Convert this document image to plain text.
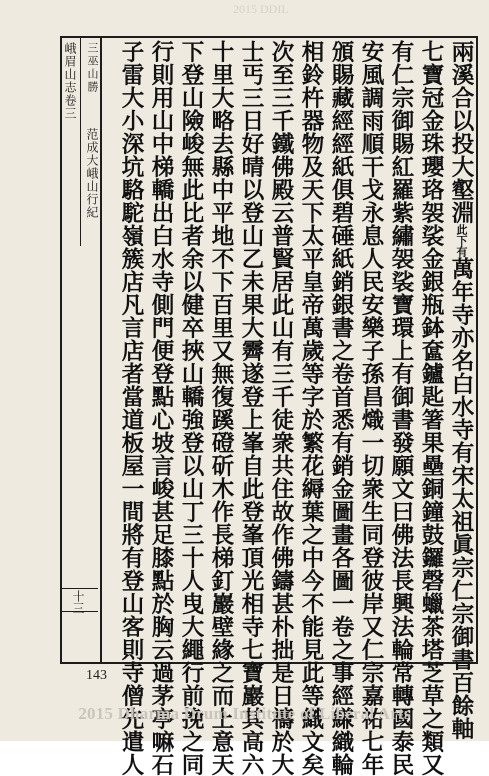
2015 DDIL
峨眉山志卷三 三巫山勝
范成大峨山行紀
十三
兩溪合以投大壑淵此下有萬年寺亦名白水寺有宋太祖眞宗仁宗御書百餘軸
七寶冠金珠瓔珞袈裟金銀瓶鉢奩鑪匙箸果壘銅鐘鼓鑼磬蠟茶塔芝草之類又
有仁宗御賜紅羅紫繡袈裟寶環上有御書發願文曰佛法長興法輪常轉國泰民
安風調雨順干戈永息人民安樂子孫昌熾一切衆生同登彼岸又仁宗嘉祐七年
頒賜藏經經紙俱碧硾紙銷銀書之卷首悉有銷金圖畫各圖一卷之事經縑織輪
相鈴杵器物及天下太平皇帝萬歲等字於繁花縟葉之中今不能見此等織文矣
次至三千鐵佛殿云普賢居此山有三千徒衆共住故作佛鑄甚朴拙是日禱於大
士丐三日好晴以登山乙未果大霽遂登上峯自此登峯頂光相寺七寶巖其高六
十里大略去縣中平地不下百里又無復蹊磴斫木作長梯釘巖壁緣之而上意天
下登山險峻無此比者余以健卒挾山轎強登以山丁三十人曳大繩行前挽之同
行則用山中梯轎出白水寺側門便登點心坡言峻甚足膝點於胸云過茅亭嘛石
子雷大小深坑駱駝嶺簇店凡言店者當道板屋一間將有登山客則寺僧先遣人
143
2015 Dharma Drum Institute of Liberal Arts
